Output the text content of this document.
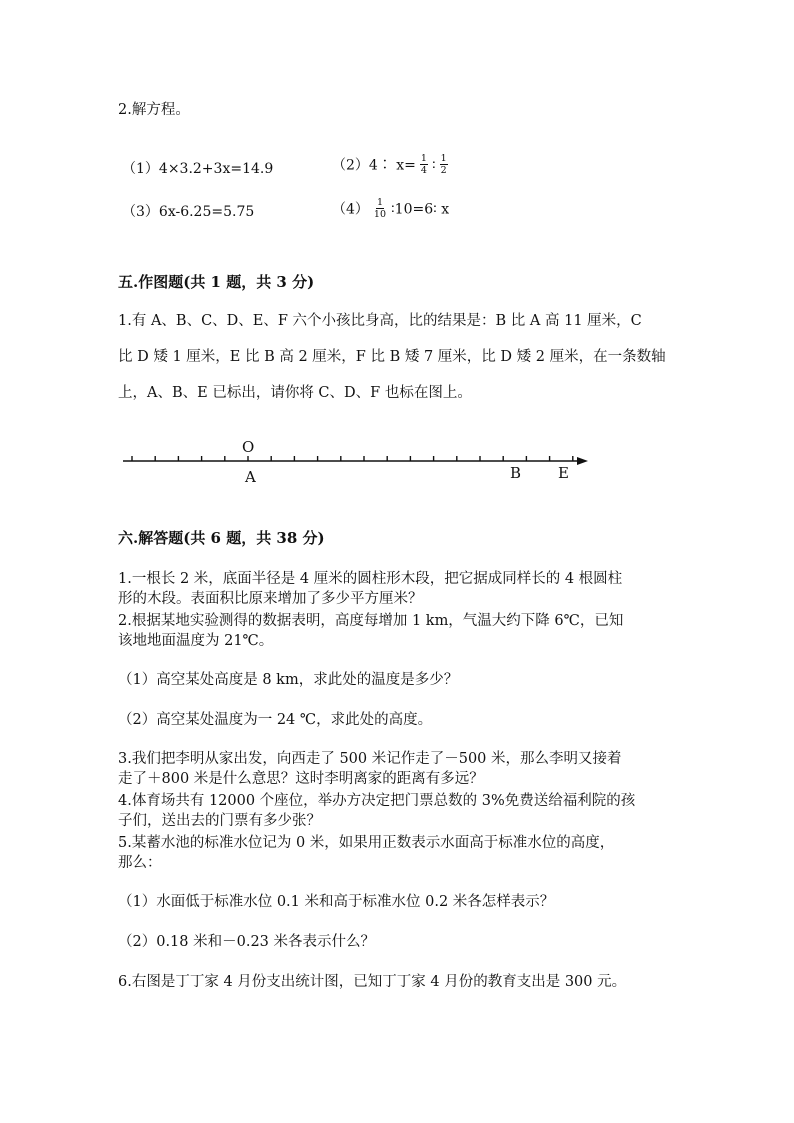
2.解方程。
（1）4×3.2+3x=14.9	（2）4∶ $x= \frac{1}{4}$ ∶ $\frac{1}{2}$
（3）6x-6.25=5.75	$(4) \frac{1}{10}$ ∶10=6∶ x
五.作图题(共 1 题，共 3 分)
1.有 A、B、C、D、E、F 六个小孩比身高，比的结果是：B 比 A 高 11 厘米，C
比 D 矮 1 厘米，E 比 B 高 2 厘米，F 比 B 矮 7 厘米，比 D 矮 2 厘米，在一条数轴
上，A、B、E 已标出，请你将 C、D、F 也标在图上。
O
A	B E
六.解答题(共 6 题，共 38 分)
1.一根长 2 米，底面半径是 4 厘米的圆柱形木段，把它据成同样长的 4 根圆柱
形的木段。表面积比原来增加了多少平方厘米？
2.根据某地实验测得的数据表明，高度每增加 1 km，气温大约下降 6℃，已知
该地地面温度为 21℃。
（1）高空某处高度是 8 km，求此处的温度是多少？
（2）高空某处温度为一 24 ℃，求此处的高度。
3.我们把李明从家出发，向西走了 500 米记作走了－500 米，那么李明又接着
走了＋800 米是什么意思？这时李明离家的距离有多远？
4.体育场共有 12000 个座位，举办方决定把门票总数的 3%免费送给福利院的孩
子们，送出去的门票有多少张？
5.某蓄水池的标准水位记为 0 米，如果用正数表示水面高于标准水位的高度，
那么：
（1）水面低于标准水位 0.1 米和高于标准水位 0.2 米各怎样表示？
（2）0.18 米和－0.23 米各表示什么？
6.右图是丁丁家 4 月份支出统计图，已知丁丁家 4 月份的教育支出是 300 元。
